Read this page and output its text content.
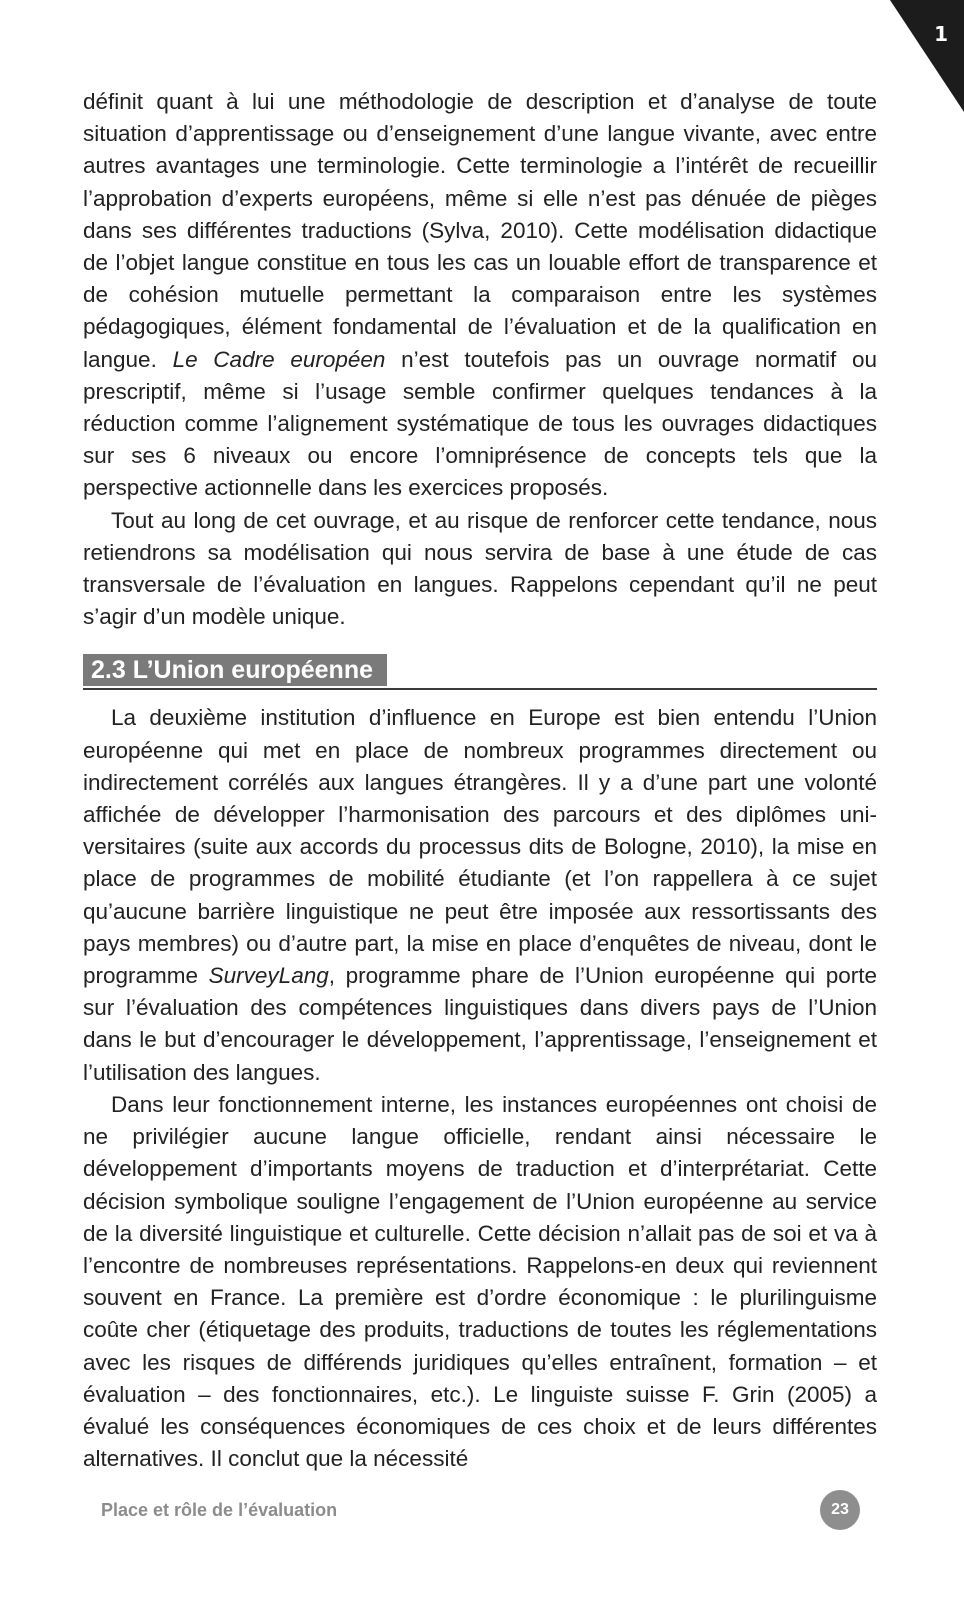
1

définit quant à lui une méthodologie de description et d’analyse de toute situation d’apprentissage ou d’enseignement d’une langue vivante, avec entre autres avantages une terminologie. Cette terminologie a l’intérêt de recueillir l’approbation d’experts européens, même si elle n’est pas dénuée de pièges dans ses différentes traductions (Sylva, 2010). Cette modélisation didactique de l’objet langue constitue en tous les cas un louable effort de transparence et de cohésion mutuelle permettant la comparaison entre les systèmes pédagogiques, élément fondamental de l’évaluation et de la qualification en langue. Le Cadre européen n’est toutefois pas un ouvrage normatif ou prescriptif, même si l’usage semble confirmer quelques tendances à la réduction comme l’alignement systématique de tous les ouvrages didactiques sur ses 6 niveaux ou encore l’omniprésence de concepts tels que la perspective actionnelle dans les exercices proposés.

Tout au long de cet ouvrage, et au risque de renforcer cette tendance, nous retiendrons sa modélisation qui nous servira de base à une étude de cas transversale de l’évaluation en langues. Rappelons cependant qu’il ne peut s’agir d’un modèle unique.

2.3 L’Union européenne

La deuxième institution d’influence en Europe est bien entendu l’Union européenne qui met en place de nombreux programmes directement ou indirectement corrélés aux langues étrangères. Il y a d’une part une volonté affichée de développer l’harmonisation des parcours et des diplômes universitaires (suite aux accords du processus dits de Bologne, 2010), la mise en place de programmes de mobilité étudiante (et l’on rappellera à ce sujet qu’aucune barrière linguistique ne peut être imposée aux ressortissants des pays membres) ou d’autre part, la mise en place d’enquêtes de niveau, dont le programme SurveyLang, programme phare de l’Union européenne qui porte sur l’évaluation des compétences linguistiques dans divers pays de l’Union dans le but d’encourager le développement, l’apprentissage, l’enseignement et l’utilisation des langues.

Dans leur fonctionnement interne, les instances européennes ont choisi de ne privilégier aucune langue officielle, rendant ainsi nécessaire le développement d’importants moyens de traduction et d’interprétariat. Cette décision symbolique souligne l’engagement de l’Union européenne au service de la diversité linguistique et culturelle. Cette décision n’allait pas de soi et va à l’encontre de nombreuses représentations. Rappelons-en deux qui reviennent souvent en France. La première est d’ordre économique : le plurilinguisme coûte cher (étiquetage des produits, traductions de toutes les réglementations avec les risques de différends juridiques qu’elles entraînent, formation – et évaluation – des fonctionnaires, etc.). Le linguiste suisse F. Grin (2005) a évalué les conséquences économiques de ces choix et de leurs différentes alternatives. Il conclut que la nécessité

Place et rôle de l’évaluation	23
